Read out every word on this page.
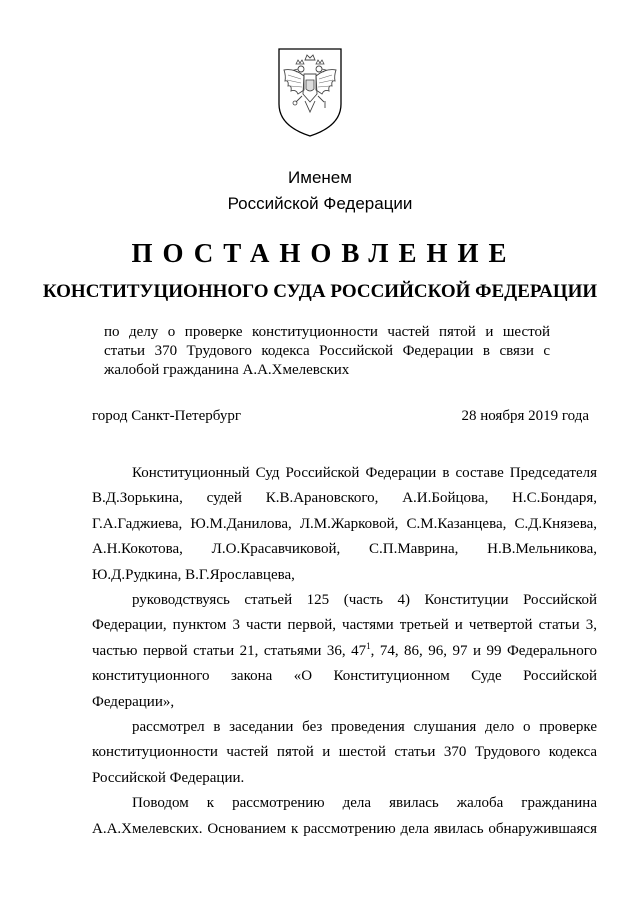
Именем
Российской Федерации
ПОСТАНОВЛЕНИЕ
КОНСТИТУЦИОННОГО СУДА РОССИЙСКОЙ ФЕДЕРАЦИИ
по делу о проверке конституционности частей пятой и шестой
статьи 370 Трудового кодекса Российской Федерации в связи с
жалобой гражданина А.А.Хмелевских
город Санкт-Петербург	28 ноября 2019 года
Конституционный Суд Российской Федерации в составе Председателя
В.Д.Зорькина, судей К.В.Арановского, А.И.Бойцова, Н.С.Бондаря,
Г.А.Гаджиева, Ю.М.Данилова, Л.М.Жарковой, С.М.Казанцева, С.Д.Князева,
А.Н.Кокотова, Л.О.Красавчиковой, С.П.Маврина, Н.В.Мельникова,
Ю.Д.Рудкина, В.Г.Ярославцева,
руководствуясь статьей 125 (часть 4) Конституции Российской
Федерации, пунктом 3 части первой, частями третьей и четвертой статьи 3,
частью первой статьи 21, статьями 36, $47^1$, 74, 86, 96, 97 и 99 Федерального
конституционного закона «О Конституционном Суде Российской
Федерации»,
рассмотрел в заседании без проведения слушания дело о проверке
конституционности частей пятой и шестой статьи 370 Трудового кодекса
Российской Федерации.
Поводом к рассмотрению дела явилась жалоба гражданина
А.А.Хмелевских. Основанием к рассмотрению дела явилась обнаружившаяся
